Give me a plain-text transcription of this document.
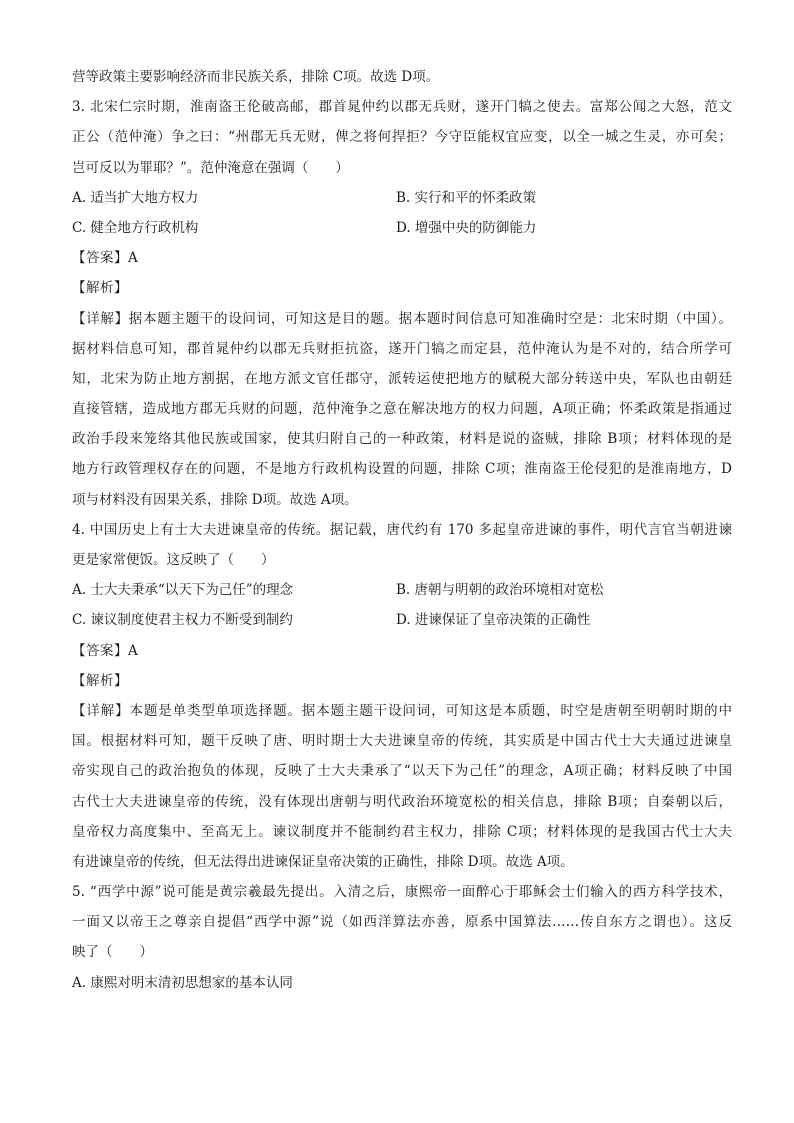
营等政策主要影响经济而非民族关系，排除 C项。故选 D项。
3. 北宋仁宗时期，淮南盗王伦破高邮，郡首晁仲约以郡无兵财，遂开门犒之使去。富郑公闻之大怒，范文
正公（范仲淹）争之曰：“州郡无兵无财，俾之将何捍拒？今守臣能权宜应变，以全一城之生灵，亦可矣；
岂可反以为罪耶？”。范仲淹意在强调（　　）
A. 适当扩大地方权力	B. 实行和平的怀柔政策
C. 健全地方行政机构	D. 增强中央的防御能力
【答案】A
【解析】
【详解】据本题主题干的设问词，可知这是目的题。据本题时间信息可知准确时空是：北宋时期（中国）。
据材料信息可知，郡首晁仲约以郡无兵财拒抗盗，遂开门犒之而定县，范仲淹认为是不对的，结合所学可
知，北宋为防止地方割据，在地方派文官任郡守，派转运使把地方的赋税大部分转送中央，军队也由朝廷
直接管辖，造成地方郡无兵财的问题，范仲淹争之意在解决地方的权力问题，A项正确；怀柔政策是指通过
政治手段来笼络其他民族或国家，使其归附自己的一种政策，材料是说的盗贼，排除 B项；材料体现的是
地方行政管理权存在的问题，不是地方行政机构设置的问题，排除 C项；淮南盗王伦侵犯的是淮南地方，D
项与材料没有因果关系，排除 D项。故选 A项。
4. 中国历史上有士大夫进谏皇帝的传统。据记载，唐代约有 170 多起皇帝进谏的事件，明代言官当朝进谏
更是家常便饭。这反映了（　　）
A. 士大夫秉承“以天下为己任”的理念	B. 唐朝与明朝的政治环境相对宽松
C. 谏议制度使君主权力不断受到制约	D. 进谏保证了皇帝决策的正确性
【答案】A
【解析】
【详解】本题是单类型单项选择题。据本题主题干设问词，可知这是本质题，时空是唐朝至明朝时期的中
国。根据材料可知，题干反映了唐、明时期士大夫进谏皇帝的传统，其实质是中国古代士大夫通过进谏皇
帝实现自己的政治抱负的体现，反映了士大夫秉承了“以天下为己任”的理念，A项正确；材料反映了中国
古代士大夫进谏皇帝的传统，没有体现出唐朝与明代政治环境宽松的相关信息，排除 B项；自秦朝以后，
皇帝权力高度集中、至高无上。谏议制度并不能制约君主权力，排除 C项；材料体现的是我国古代士大夫
有进谏皇帝的传统，但无法得出进谏保证皇帝决策的正确性，排除 D项。故选 A项。
5. “西学中源”说可能是黄宗羲最先提出。入清之后，康熙帝一面醉心于耶稣会士们输入的西方科学技术，
一面又以帝王之尊亲自提倡“西学中源”说（如西洋算法亦善，原系中国算法……传自东方之谓也）。这反
映了（　　）
A. 康熙对明末清初思想家的基本认同
